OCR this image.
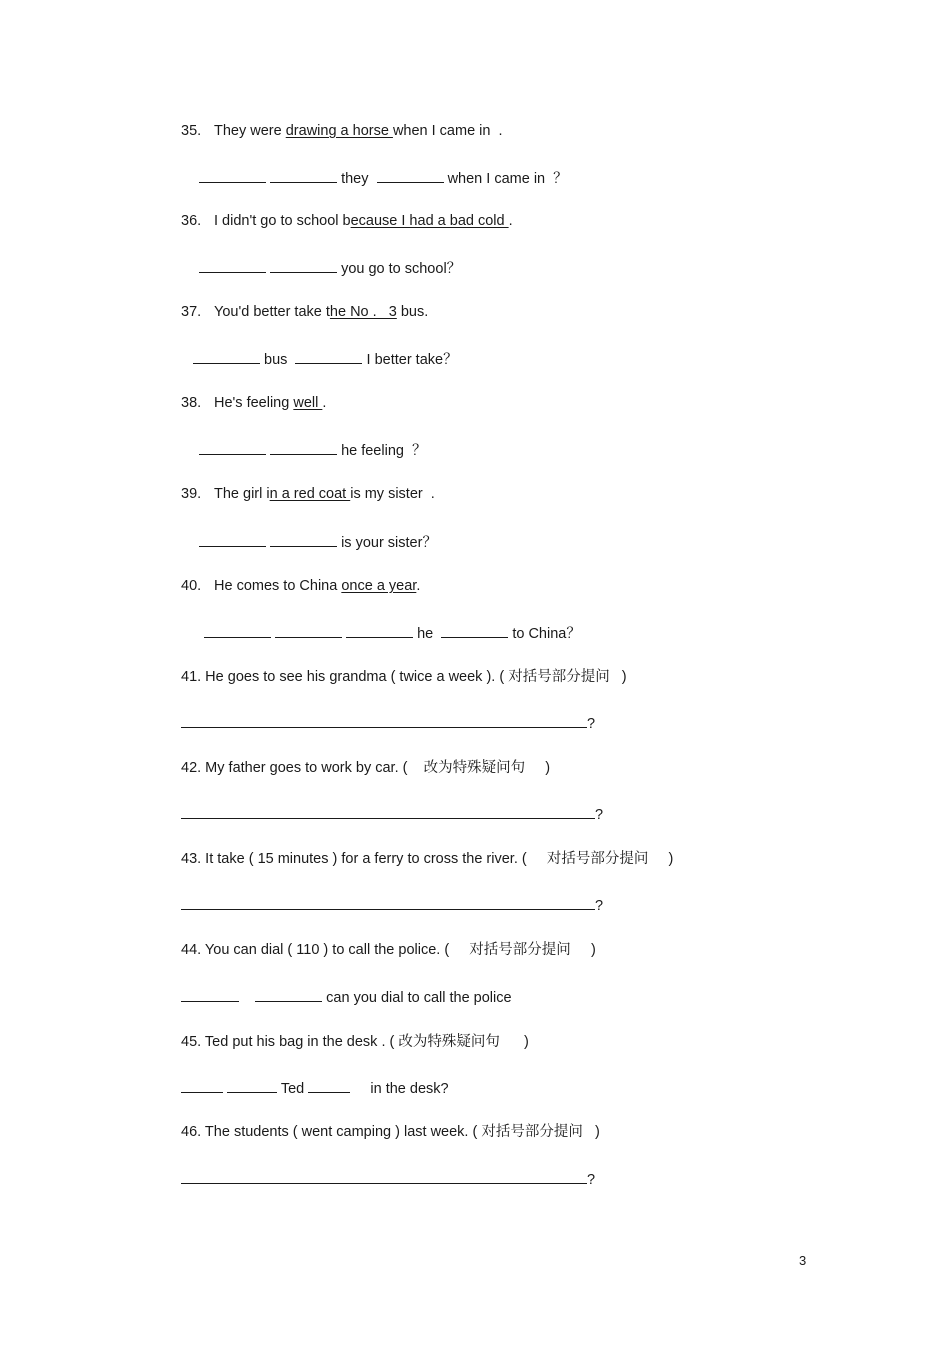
35. They were drawing a horse when I came in  .
they	when I came in ？
36. I didn't go to school because I had a bad cold .
you go to school？
37. You'd better take the No .   3 bus.
bus	I better take？
38. He's feeling well .
he feeling ？
39. The girl in a red coat is my sister  .
is your sister？
40. He comes to China once a year.
he	to China？
41. He goes to see his grandma ( twice a week ). ( 对括号部分提问   )
?
42. My father goes to work by car. (    改为特殊疑问句     )
?
43. It take ( 15 minutes ) for a ferry to cross the river. (     对括号部分提问     )
?
44. You can dial ( 110 ) to call the police. (     对括号部分提问     )
can you dial to call the police
45. Ted put his bag in the desk . ( 改为特殊疑问句      )
Ted	in the desk?
46. The students ( went camping ) last week. ( 对括号部分提问   )
?
3
